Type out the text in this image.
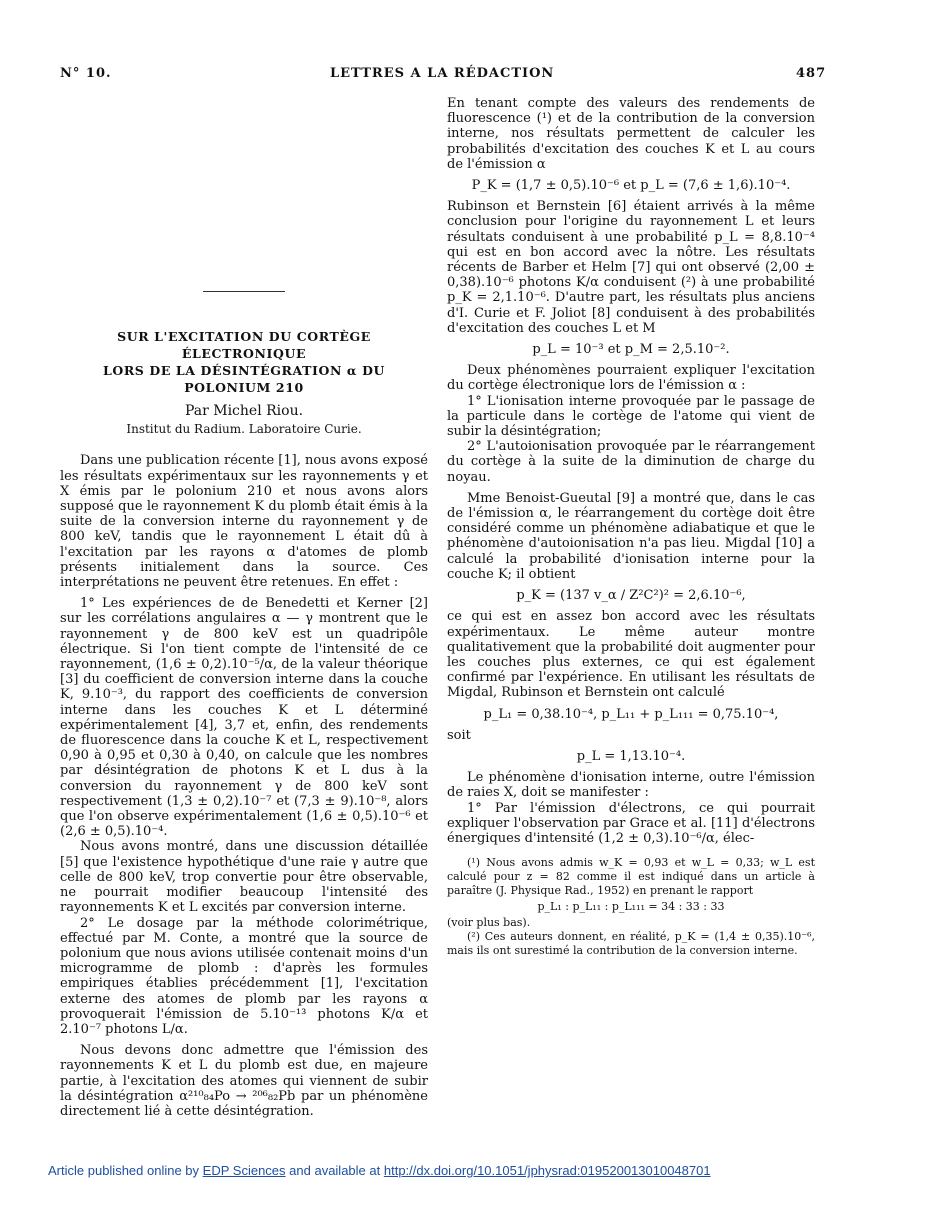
N° 10.	LETTRES A LA RÉDACTION	487
SUR L'EXCITATION DU CORTÈGE ÉLECTRONIQUE
LORS DE LA DÉSINTÉGRATION α DU POLONIUM 210
Par Michel Riou.
Institut du Radium. Laboratoire Curie.

Dans une publication récente [1], nous avons exposé les résultats expérimentaux sur les rayonnements γ et X émis par le polonium 210 et nous avons alors supposé que le rayonnement K du plomb était émis à la suite de la conversion interne du rayonnement γ de 800 keV, tandis que le rayonnement L était dû à l'excitation par les rayons α d'atomes de plomb présents initialement dans la source. Ces interprétations ne peuvent être retenues. En effet :

1° Les expériences de de Benedetti et Kerner [2] sur les corrélations angulaires α — γ montrent que le rayonnement γ de 800 keV est un quadripôle électrique. Si l'on tient compte de l'intensité de ce rayonnement, (1,6 ± 0,2).10⁻⁵/α, de la valeur théorique [3] du coefficient de conversion interne dans la couche K, 9.10⁻³, du rapport des coefficients de conversion interne dans les couches K et L déterminé expérimentalement [4], 3,7 et, enfin, des rendements de fluorescence dans la couche K et L, respectivement 0,90 à 0,95 et 0,30 à 0,40, on calcule que les nombres par désintégration de photons K et L dus à la conversion du rayonnement γ de 800 keV sont respectivement (1,3 ± 0,2).10⁻⁷ et (7,3 ± 9).10⁻⁸, alors que l'on observe expérimentalement (1,6 ± 0,5).10⁻⁶ et (2,6 ± 0,5).10⁻⁴.

Nous avons montré, dans une discussion détaillée [5] que l'existence hypothétique d'une raie γ autre que celle de 800 keV, trop convertie pour être observable, ne pourrait modifier beaucoup l'intensité des rayonnements K et L excités par conversion interne.

2° Le dosage par la méthode colorimétrique, effectué par M. Conte, a montré que la source de polonium que nous avions utilisée contenait moins d'un microgramme de plomb : d'après les formules empiriques établies précédemment [1], l'excitation externe des atomes de plomb par les rayons α provoquerait l'émission de 5.10⁻¹³ photons K/α et 2.10⁻⁷ photons L/α.

Nous devons donc admettre que l'émission des rayonnements K et L du plomb est due, en majeure partie, à l'excitation des atomes qui viennent de subir la désintégration α²¹⁰₈₄Po → ²⁰⁶₈₂Pb par un phénomène directement lié à cette désintégration.

En tenant compte des valeurs des rendements de fluorescence (¹) et de la contribution de la conversion interne, nos résultats permettent de calculer les probabilités d'excitation des couches K et L au cours de l'émission α

P_K = (1,7 ± 0,5).10⁻⁶ et p_L = (7,6 ± 1,6).10⁻⁴.

Rubinson et Bernstein [6] étaient arrivés à la même conclusion pour l'origine du rayonnement L et leurs résultats conduisent à une probabilité p_L = 8,8.10⁻⁴ qui est en bon accord avec la nôtre. Les résultats récents de Barber et Helm [7] qui ont observé (2,00 ± 0,38).10⁻⁶ photons K/α conduisent (²) à une probabilité p_K = 2,1.10⁻⁶. D'autre part, les résultats plus anciens d'I. Curie et F. Joliot [8] conduisent à des probabilités d'excitation des couches L et M

p_L = 10⁻³ et p_M = 2,5.10⁻².

Deux phénomènes pourraient expliquer l'excitation du cortège électronique lors de l'émission α :

1° L'ionisation interne provoquée par le passage de la particule dans le cortège de l'atome qui vient de subir la désintégration;

2° L'autoionisation provoquée par le réarrangement du cortège à la suite de la diminution de charge du noyau.

Mme Benoist-Gueutal [9] a montré que, dans le cas de l'émission α, le réarrangement du cortège doit être considéré comme un phénomène adiabatique et que le phénomène d'autoionisation n'a pas lieu. Migdal [10] a calculé la probabilité d'ionisation interne pour la couche K; il obtient

p_K = (137 v_α / Z²C²)² = 2,6.10⁻⁶,

ce qui est en assez bon accord avec les résultats expérimentaux. Le même auteur montre qualitativement que la probabilité doit augmenter pour les couches plus externes, ce qui est également confirmé par l'expérience. En utilisant les résultats de Migdal, Rubinson et Bernstein ont calculé

p_L₁ = 0,38.10⁻⁴, p_L₁₁ + p_L₁₁₁ = 0,75.10⁻⁴,

soit

p_L = 1,13.10⁻⁴.

Le phénomène d'ionisation interne, outre l'émission de raies X, doit se manifester :

1° Par l'émission d'électrons, ce qui pourrait expliquer l'observation par Grace et al. [11] d'électrons énergiques d'intensité (1,2 ± 0,3).10⁻⁶/α, élec-

(¹) Nous avons admis w_K = 0,93 et w_L = 0,33; w_L est calculé pour z = 82 comme il est indiqué dans un article à paraître (J. Physique Rad., 1952) en prenant le rapport

p_L₁ : p_L₁₁ : p_L₁₁₁ = 34 : 33 : 33

(voir plus bas).

(²) Ces auteurs donnent, en réalité, p_K = (1,4 ± 0,35).10⁻⁶, mais ils ont surestimé la contribution de la conversion interne.

Article published online by EDP Sciences and available at http://dx.doi.org/10.1051/jphysrad:019520013010048701
